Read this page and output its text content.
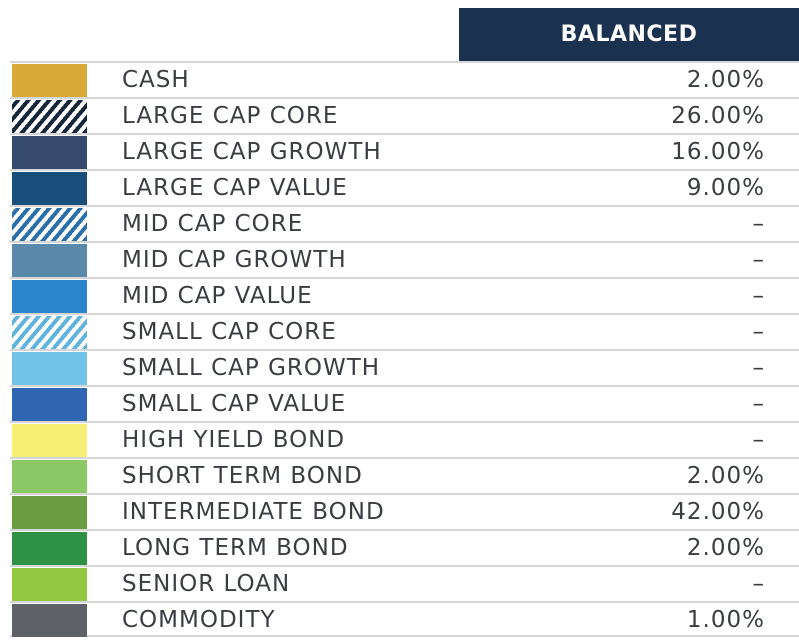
BALANCED
CASH	2.00%
LARGE CAP CORE	26.00%
LARGE CAP GROWTH	16.00%
LARGE CAP VALUE	9.00%
MID CAP CORE	–
MID CAP GROWTH	–
MID CAP VALUE	–
SMALL CAP CORE	–
SMALL CAP GROWTH	–
SMALL CAP VALUE	–
HIGH YIELD BOND	–
SHORT TERM BOND	2.00%
INTERMEDIATE BOND	42.00%
LONG TERM BOND	2.00%
SENIOR LOAN	–
COMMODITY	1.00%
